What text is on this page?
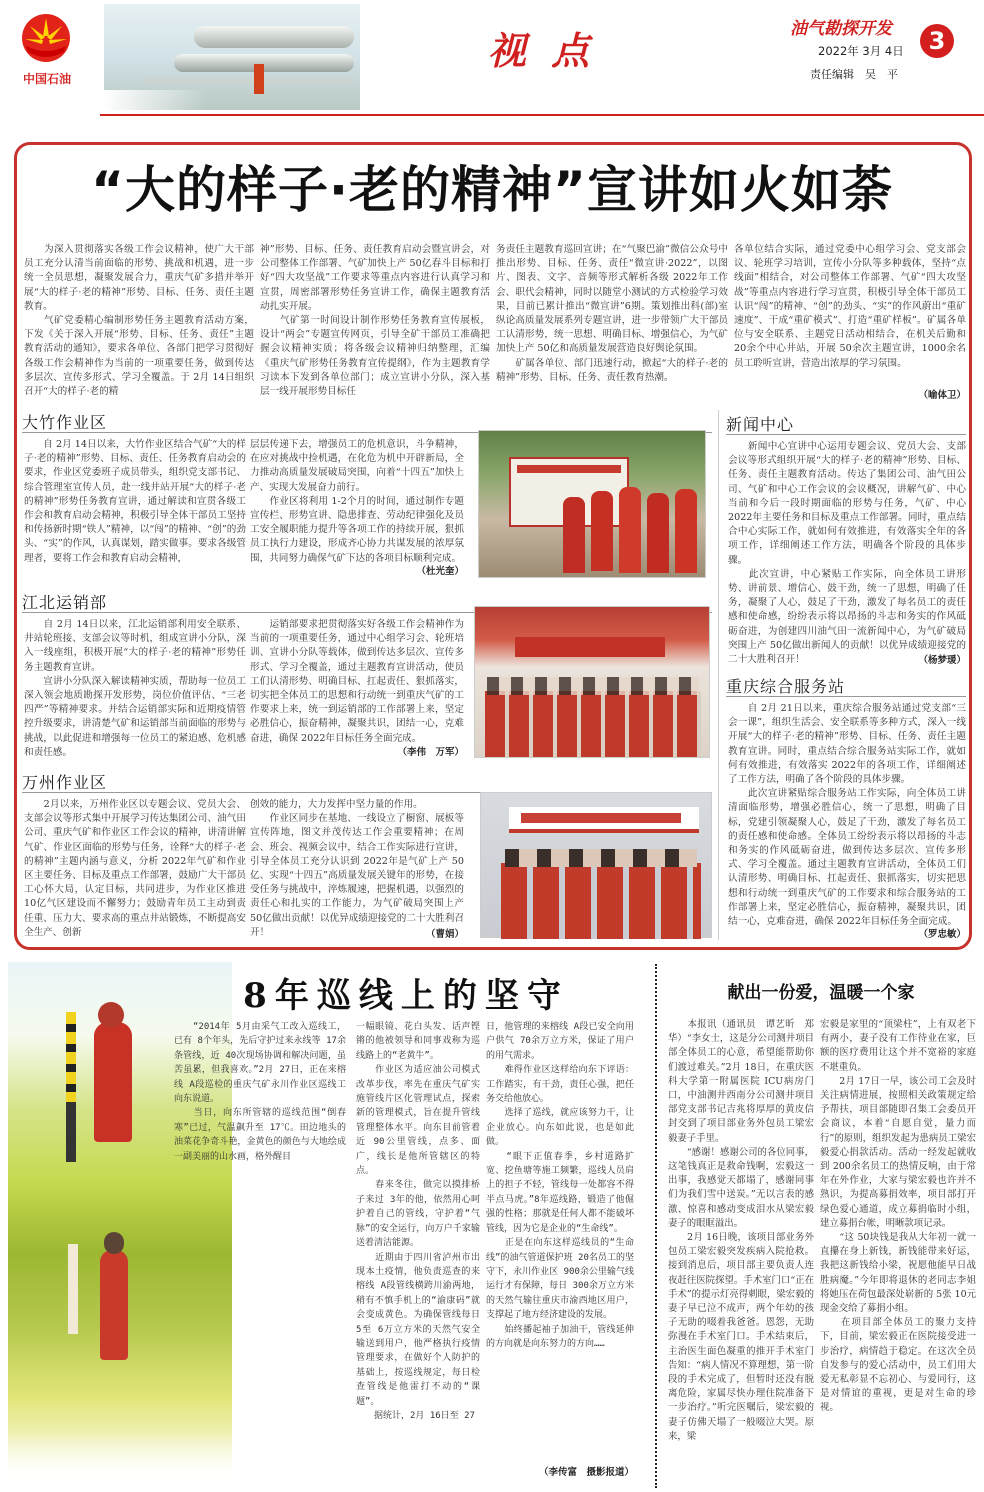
中国石油
视 点	油气勘探开发
2022年 3月 4日
责任编辑　吴　平
3
“大的样子·老的精神”宣讲如火如荼
　　为深入贯彻落实各级工作会议精神，使广大干部员工充分认清当前面临的形势、挑战和机遇，进一步统一全员思想，凝聚发展合力，重庆气矿多措并举开展“大的样子·老的精神”形势、目标、任务、责任主题教育。
　　气矿党委精心编制形势任务主题教育活动方案，下发《关于深入开展“形势、目标、任务、责任”主题教育活动的通知》，要求各单位、各部门把学习贯彻好各级工作会精神作为当前的一项重要任务，做到传达多层次、宣传多形式、学习全覆盖。于 2月 14日组织召开“大的样子·老的精
神”形势、目标、任务、责任教育启动会暨宣讲会，对公司整体工作部署、气矿加快上产 50亿春斗目标和打好“四大攻坚战”工作要求等重点内容进行认真学习和宣贯，周密部署形势任务宣讲工作，确保主题教育活动扎实开展。
　　气矿第一时间设计制作形势任务教育宣传展板，设计“两会”专题宣传网页，引导全矿干部员工准确把握会议精神实质；将各级会议精神归纳整理，汇编《重庆气矿形势任务教育宣传提纲》，作为主题教育学习读本下发到各单位部门；成立宣讲小分队，深入基层一线开展形势目标任
务责任主题教育巡回宣讲；在“气聚巴渝”微信公众号中推出形势、目标、任务、责任“微宣讲·2022”，以图片、图表、文字、音频等形式解析各级 2022年工作会、职代会精神，同时以随堂小测试的方式检验学习效果，目前已累计推出“微宣讲”6期。策划推出科(部)室纵论高质量发展系列专题宣讲，进一步带领广大干部员工认清形势，统一思想、明确目标、增强信心，为气矿加快上产 50亿和高质量发展营造良好舆论氛围。
　　矿属各单位、部门迅速行动，掀起“大的样子·老的精神”形势、目标、任务、责任教育热潮。
各单位结合实际，通过党委中心组学习会、党支部会议、轮班学习培训，宣传小分队等多种载体，坚持“点线面”相结合，对公司整体工作部署、气矿“四大攻坚战”等重点内容进行学习宣贯，积极引导全体干部员工认识“闯”的精神、“创”的劲头、“实”的作风蔚出“重矿速度”、干成“重矿模式”、打造“重矿样板”。矿属各单位与安全联系、主题党日活动相结合，在机关后勤和 20余个中心井站，开展 50余次主题宣讲，1000余名员工聆听宣讲，营造出浓厚的学习氛围。
（喻体卫）
大竹作业区
　　自 2月 14日以来，大竹作业区结合气矿“大的样子·老的精神”形势、目标、责任、任务教育启动会的要求，作业区党委班子成员带头，组织党支部书记、综合管理室宣传人员，赴一线井站开展“大的样子·老的精神”形势任务教育宣讲，通过解读和宣贯各级工作会和教育启动会精神，积极引导全体干部员工坚持和传扬新时期“铁人”精神，以“闯”的精神、“创”的劲头、“实”的作风，认真谋划，踏实做事。要求各级管理者，要将工作会和教育启动会精神，
层层传递下去，增强员工的危机意识，斗争精神，在应对挑战中捡机遇，在化危为机中开辟新局，全力推动高质量发展破局突围，向着“十四五”加快上产、实现大发展奋力前行。
　　作业区将利用 1-2个月的时间，通过制作专题宣传栏、形势宣讲、隐患排查、劳动纪律强化及员工安全履职能力提升等各项工作的持续开展，狠抓员工执行力建设，形成齐心协力共谋发展的浓厚氛围，共同努力确保气矿下达的各项目标顺利完成。
（杜光奎）
江北运销部
　　自 2月 14日以来，江北运销部利用安全联系、井站轮班接、支部会议等时机，组成宣讲小分队，深入一线座组，积极开展“大的样子·老的精神”形势任务主题教育宣讲。
　　宣讲小分队深入解读精神实质，帮助每一位员工深入领会地质勘探开发形势，岗位价值评估、“三老四严”等精神要求。并结合运销部实际和近期疫情管控升级要求，讲清楚气矿和运销部当前面临的形势与挑战，以此促进和增强每一位员工的紧迫感、危机感和责任感。
　　运销部要求把贯彻落实好各级工作会精神作为当前的一项重要任务，通过中心组学习会、轮班培训、宣讲小分队等载体，做到传达多层次、宣传多形式、学习全覆盖，通过主题教育宣讲活动，使员工们认清形势、明确目标、扛起责任、狠抓落实，切实把全体员工的思想和行动统一到重庆气矿的工作要求上来，统一到运销部的工作部署上来，坚定必胜信心，振奋精神，凝聚共识，团结一心，克难奋进，确保 2022年目标任务全面完成。
（李伟　万军）
万州作业区
　　2月以来，万州作业区以专题会议、党员大会、支部会议等形式集中开展学习传达集团公司、油气田公司、重庆气矿和作业区工作会议的精神，讲清讲解气矿、作业区面临的形势与任务，诠释“大的样子·老的精神”主题内涵与意义，分析 2022年气矿和作业区主要任务、目标及重点工作部署，鼓励广大干部员工心怀大局，认定目标，共同进步，为作业区推进 10亿气区建设而不懈努力；鼓励青年员工主动到责任重、压力大、要求高的重点井站锻炼，不断提高安全生产、创新
创效的能力，大力发挥中坚力量的作用。
　　作业区同步在基地、一线设立了橱窗、展板等宣传阵地，图文并茂传达工作会重要精神；在周会、班会、视频会议中，结合工作实际进行宣讲，引导全体员工充分认识到 2022年是气矿上产 50亿、实现“十四五”高质量发展关键年的形势，在接受任务与挑战中，淬炼履速，把握机遇，以强烈的责任心和扎实的工作能力，为气矿破局突围上产 50亿做出贡献！以优异成绩迎接党的二十大胜利召开！	（曹娟）
新闻中心
　　新闻中心宣讲中心运用专题会议、党员大会、支部会议等形式组织开展“大的样子·老的精神”形势、目标、任务、责任主题教育活动。传达了集团公司、油气田公司、气矿和中心工作会议的会议概况，讲解气矿、中心当前和今后一段时期面临的形势与任务，气矿、中心 2022年主要任务和目标及重点工作部署。同时，重点结合中心实际工作，就如何有效推进，有效落实全年的各项工作，详细阐述工作方法，明确各个阶段的具体步骤。
　　此次宣讲，中心紧贴工作实际，向全体员工讲形势、讲前景、增信心、鼓干劲，统一了思想，明确了任务，凝聚了人心，鼓足了干劲，激发了每名员工的责任感和使命感，纷纷表示将以昂扬的斗志和务实的作风砥砺奋进，为创建四川油气田一流新闻中心，为气矿破局突围上产 50亿做出新闻人的贡献！以优异成绩迎接党的二十大胜利召开！	（杨梦瑗）
重庆综合服务站
　　自 2月 21日以来，重庆综合服务站通过党支部“三会一课”，组织生活会、安全联系等多种方式，深入一线开展“大的样子·老的精神”形势、目标、任务、责任主题教育宣讲。同时，重点结合综合服务站实际工作，就如何有效推进，有效落实 2022年的各项工作，详细阐述了工作方法，明确了各个阶段的具体步骤。
　　此次宣讲紧贴综合服务站工作实际，向全体员工讲清面临形势，增强必胜信心，统一了思想，明确了目标，党建引领凝聚人心，鼓足了干劲，激发了每名员工的责任感和使命感。全体员工纷纷表示将以昂扬的斗志和务实的作风砥砺奋进，做到传达多层次、宣传多形式、学习全覆盖。通过主题教育宣讲活动，全体员工们认清形势、明确目标、扛起责任、狠抓落实，切实把思想和行动统一到重庆气矿的工作要求和综合服务站的工作部署上来，坚定必胜信心，振奋精神，凝聚共识，团结一心，克难奋进，确保 2022年目标任务全面完成。
（罗忠敏）
8年巡线上的坚守
　　“2014年 5月由采气工改入巡线工，已有 8个年头，先后守护过来永线等 17余条管线，近 40次现场协调和解决问题，虽苦虽累，但我喜欢。”2月 27日，正在来榕线 A段巡检的重庆气矿永川作业区巡线工向东说道。
　　当日，向东所管辖的巡线范围“倒春寒”已过，气温飙升至 17℃。田边地头的油菜花争奇斗艳，金黄色的颜色与大地绘成一副美丽的山水画，格外醒目
一幅眼镜、花白头发、话声铿锵的他被领导和同事戏称为巡线路上的“老黄牛”。
　　作业区为适应油公司模式改革步伐，率先在重庆气矿实施管线片区化管理试点，探索新的管理模式，旨在提升管线管理整体水平。向东目前管着近 90公里管线，点多、面广，线长是他所管辖区的特点。
　　春来冬往，做完以摸排桥子来过 3年的他，依然用心呵护着自己的管线，守护着“气脉”的安全运行，向万户千家输送着清洁能源。
　　近期由于四川省泸州市出现本土疫情，他负责巡查的来榕线 A段管线横跨川渝两地，稍有不慎手机上的“渝康码”就会变成黄色。为确保管线每日 5至 6万立方米的天然气安全输送到用户，他严格执行疫情管理要求，在做好个人防护的基础上，按巡线规定，每日检查管线是他雷打不动的“课题”。
　　据统计，2月 16日至 27
日，他管理的来榕线 A段已安全向用户供气 70余万立方米，保证了用户的用气需求。
　　难得作业区这样给向东下评语：工作踏实，有干劲，责任心强，把任务交给他放心。
　　选择了巡线，就应该努力干，让企业放心。向东如此说，也是如此做。
　　“眼下正值春季，乡村道路扩宽、挖鱼塘等施工频繁，巡线人员肩上的担子不轻，管线每一处都容不得半点马虎。”8年巡线路，锻造了他倔强的性格；那就是任何人都不能破坏管线，因为它是企业的“生命线”。
　　正是在向东这样巡线员的“生命线”的油气管道保护班 20名员工的坚守下，永川作业区 900余公里输气线运行才有保障，每日 300余万立方米的天然气输往重庆市渝西地区用户，支撑起了地方经济建设的发展。
　　始终播起袖子加油干，管线延伸的方向就是向东努力的方向……
（李传富　摄影报道）
献出一份爱，温暖一个家
　　本报讯（通讯员　谭艺昕　郑华）“李女士，这是分公司测井项目部全体员工的心意，希望能帮助你们渡过难关。”2月 18日，在重庆医科大学第一附属医院 ICU病房门口，中油测井西南分公司测井项目部党支部书记吉兆将厚厚的黄皮信封交到了项目部业务外包员工梁宏毅妻子手里。
　　“感谢！感谢公司的各位同事，这笔钱真正是救命钱啊，宏毅这一出事，我感觉天都塌了，感谢同事们为我们雪中送炭。”无以言表的感激、惊喜和感动变成泪水从梁宏毅妻子的眼眶溢出。
　　2月 16日晚，该项目部业务外包员工梁宏毅突发疾病入院抢救。接到消息后，项目部主要负责人连夜赶往医院探望。手术室门口“正在手术”的提示灯亮得刺眼，梁宏毅的妻子早已泣不成声，两个年幼的孩子无助的啜着我爸爸。恩怨，无助弥漫在手术室门口。手术结束后，主治医生面色凝重的推开手术室门告知：“病人情况不算理想，第一阶段的手术完成了，但暂时还没有脱离危险，家属尽快办理住院准备下一步治疗。”听完医嘱后，梁宏毅的妻子仿佛天塌了一般啜泣大哭。原来，梁
宏毅是家里的“顶梁柱”，上有双老下有两小，妻子没有工作待业在家，巨额的医疗费用让这个并不宽裕的家庭不堪重负。
　　2月 17日一早，该公司工会及时关注病情进展，按照相关政策规定给予帮扶，项目部随即召集工会委员开会商议，本着“自愿自觉，量力而行”的原则，组织发起为患病员工梁宏毅爱心捐款活动。活动一经发起就收到 200余名员工的热情反响，由于常年在外作业，大家与梁宏毅也许并不熟识，为提高募捐效率，项目部打开绿色爱心通道，成立募捐临时小组，建立募捐台帐，明晰款项记录。
　　“这 50块钱是我从大年初一就一直攥在身上新钱，新钱能带来好运，我把这新钱给小梁，祝愿他能早日战胜病魔。”今年即将退休的老同志李姐将她压在荷包最深处崭新的 5张 10元现金交给了募捐小组。
　　在项目部全体员工的聚力支持下，目前，梁宏毅正在医院接受进一步治疗，病情趋于稳定。在这次全员自发参与的爱心活动中，员工们用大爱无私彰显不忘初心、与爱同行，这是对情谊的重视，更是对生命的珍视。
